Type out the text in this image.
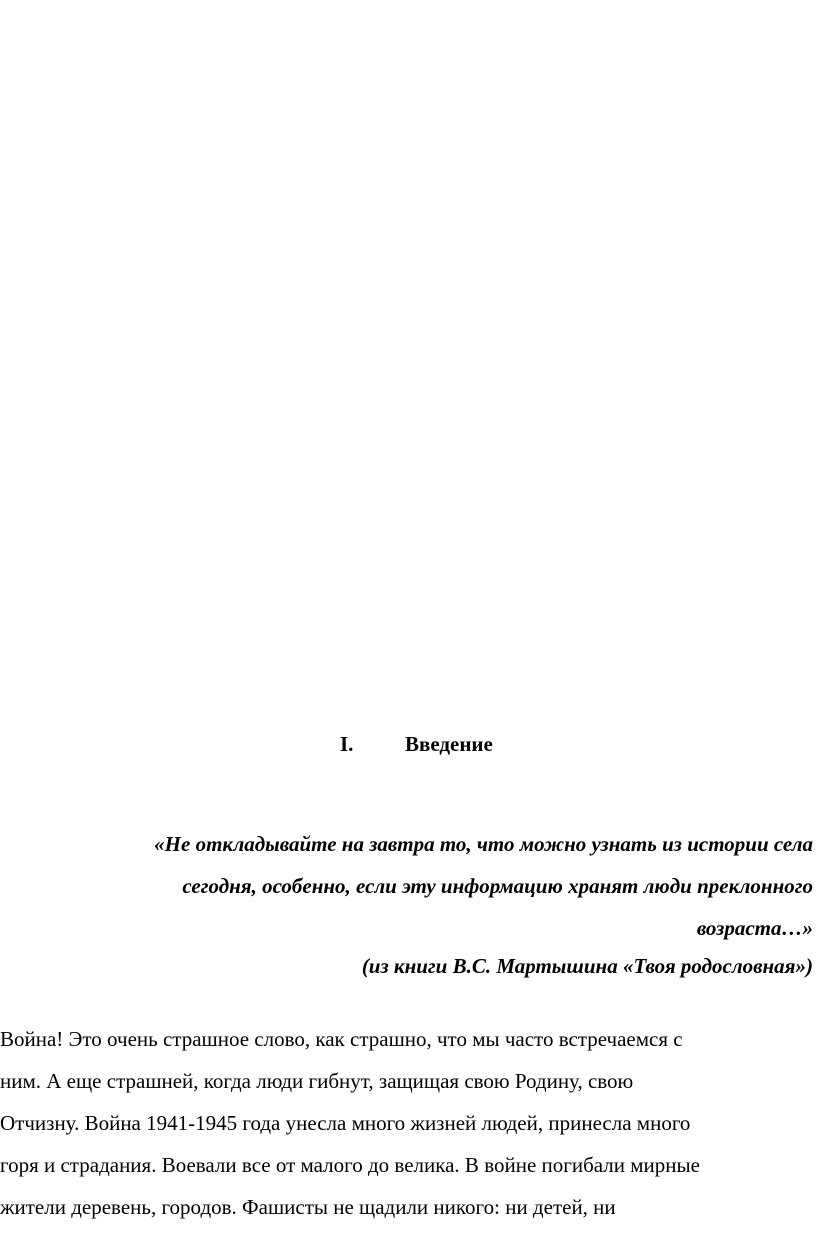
I. Введение
«Не откладывайте на завтра то, что можно узнать из истории села
сегодня, особенно, если эту информацию хранят люди преклонного
возраста…»
(из книги В.С. Мартышина «Твоя родословная»)
Война! Это очень страшное слово, как страшно, что мы часто встречаемся с
ним. А еще страшней, когда люди гибнут, защищая свою Родину, свою
Отчизну. Война 1941-1945 года унесла много жизней людей, принесла много
горя и страдания. Воевали все от малого до велика. В войне погибали мирные
жители деревень, городов. Фашисты не щадили никого: ни детей, ни
